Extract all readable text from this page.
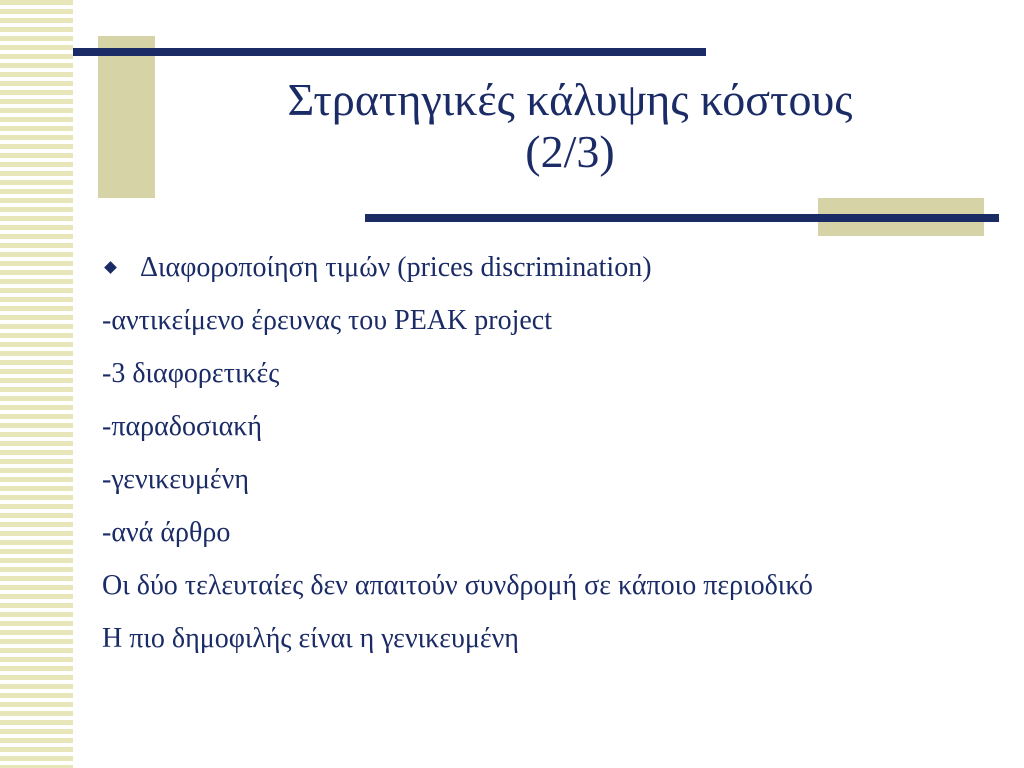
Στρατηγικές κάλυψης κόστους
(2/3)
Διαφοροποίηση τιμών (prices discrimination)
-αντικείμενο έρευνας του PEAK project
-3 διαφορετικές
-παραδοσιακή
-γενικευμένη
-ανά άρθρο
Οι δύο τελευταίες δεν απαιτούν συνδρομή σε κάποιο περιοδικό
Η πιο δημοφιλής είναι η γενικευμένη
